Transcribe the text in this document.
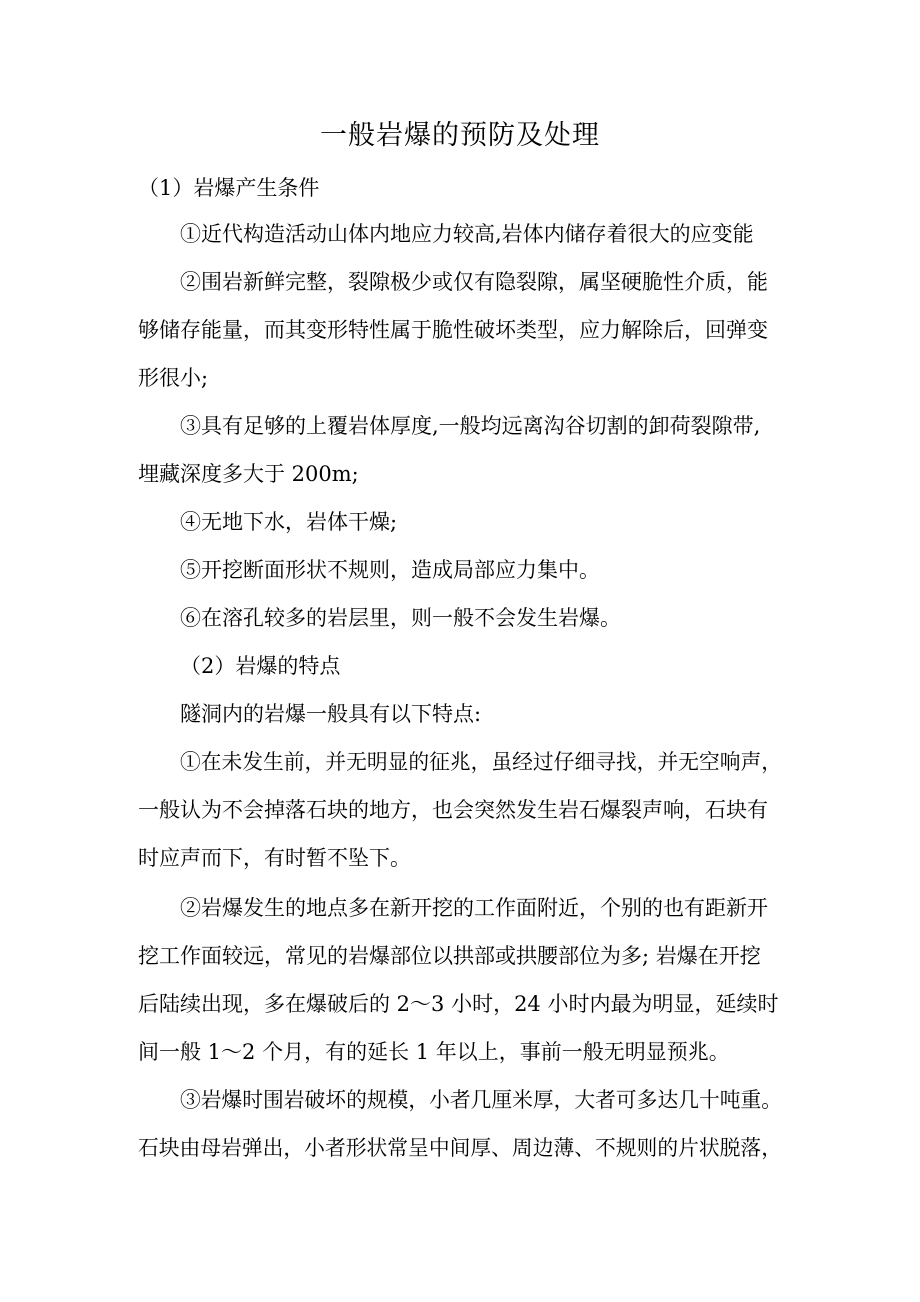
一般岩爆的预防及处理
（1）岩爆产生条件
①近代构造活动山体内地应力较高,岩体内储存着很大的应变能
②围岩新鲜完整，裂隙极少或仅有隐裂隙，属坚硬脆性介质，能
够储存能量，而其变形特性属于脆性破坏类型，应力解除后，回弹变
形很小;
③具有足够的上覆岩体厚度,一般均远离沟谷切割的卸荷裂隙带,
埋藏深度多大于 200m;
④无地下水，岩体干燥;
⑤开挖断面形状不规则，造成局部应力集中。
⑥在溶孔较多的岩层里，则一般不会发生岩爆。
（2）岩爆的特点
隧洞内的岩爆一般具有以下特点:
①在未发生前，并无明显的征兆，虽经过仔细寻找，并无空响声，
一般认为不会掉落石块的地方，也会突然发生岩石爆裂声响，石块有
时应声而下，有时暂不坠下。
②岩爆发生的地点多在新开挖的工作面附近，个别的也有距新开
挖工作面较远，常见的岩爆部位以拱部或拱腰部位为多; 岩爆在开挖
后陆续出现，多在爆破后的 2～3 小时，24 小时内最为明显，延续时
间一般 1～2 个月，有的延长 1 年以上，事前一般无明显预兆。
③岩爆时围岩破坏的规模，小者几厘米厚，大者可多达几十吨重。
石块由母岩弹出，小者形状常呈中间厚、周边薄、不规则的片状脱落，
